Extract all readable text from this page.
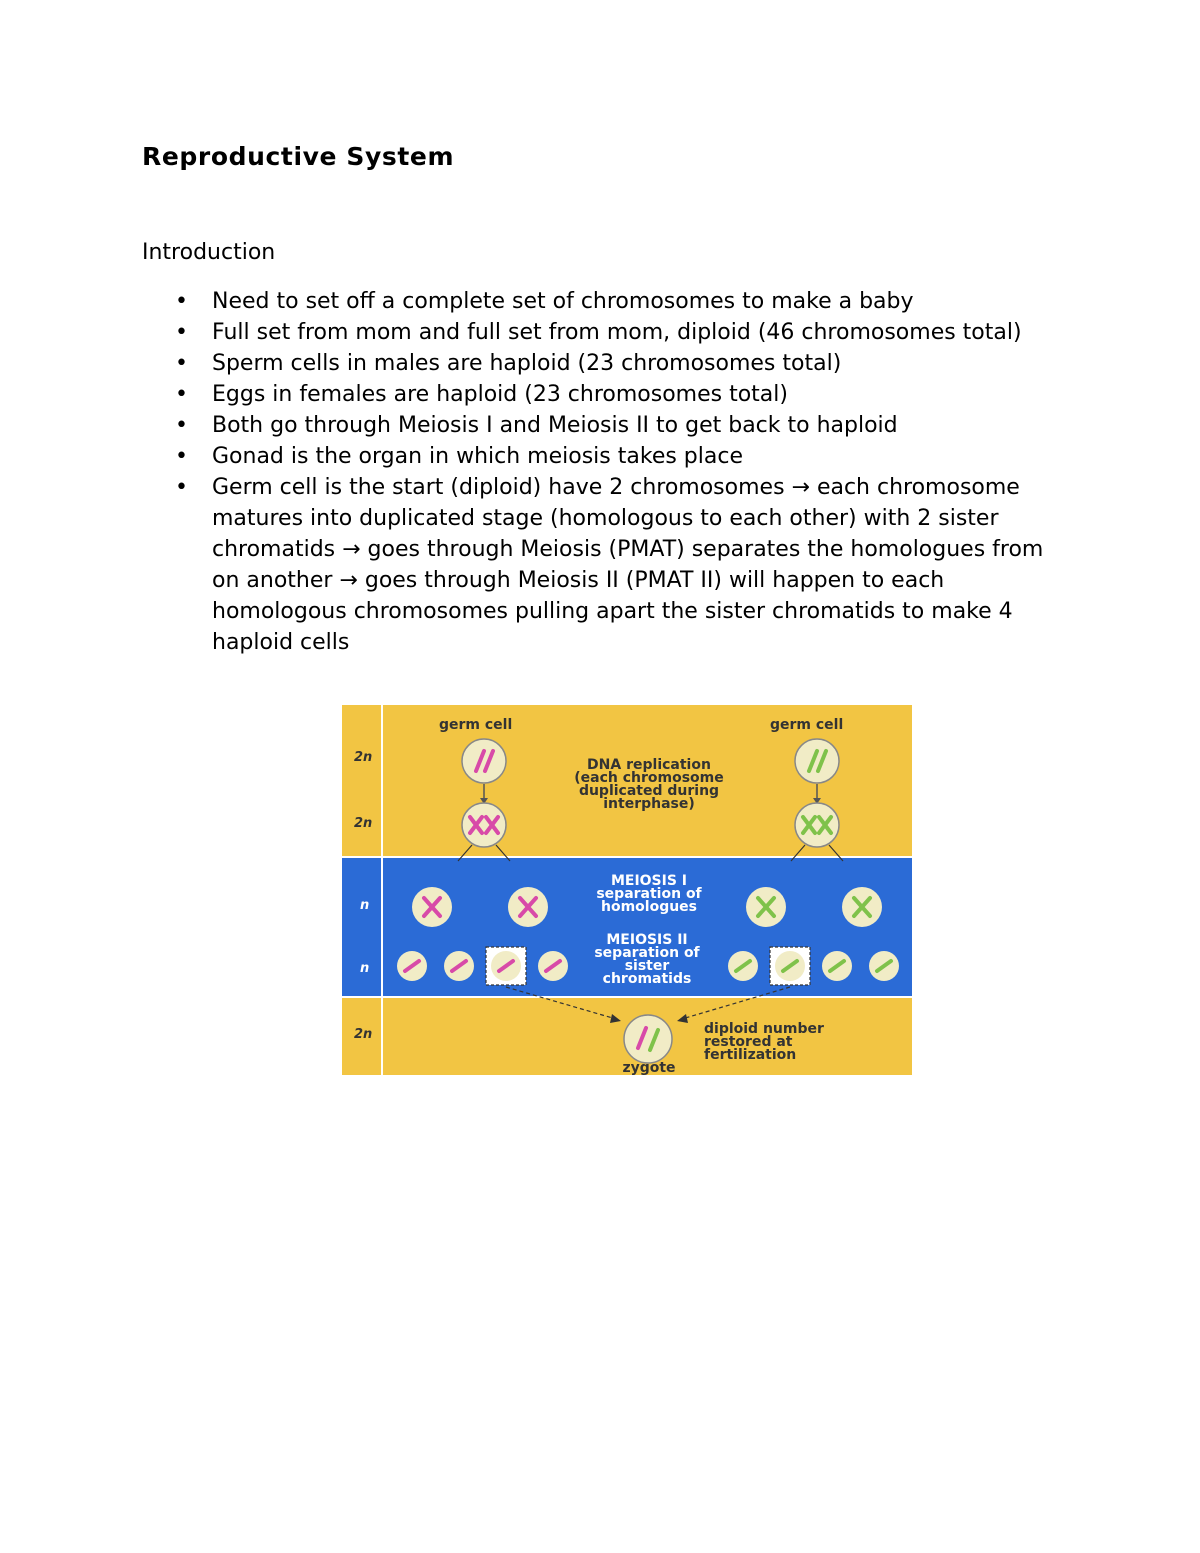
Reproductive System
Introduction
• Need to set off a complete set of chromosomes to make a baby
• Full set from mom and full set from mom, diploid (46 chromosomes total)
• Sperm cells in males are haploid (23 chromosomes total)
• Eggs in females are haploid (23 chromosomes total)
• Both go through Meiosis I and Meiosis II to get back to haploid
• Gonad is the organ in which meiosis takes place
• Germ cell is the start (diploid) have 2 chromosomes → each chromosome matures into duplicated stage (homologous to each other) with 2 sister chromatids → goes through Meiosis (PMAT) separates the homologues from on another → goes through Meiosis II (PMAT II) will happen to each homologous chromosomes pulling apart the sister chromatids to make 4 haploid cells
2n
2n
n
n
2n
germ cell	germ cell
DNA replication
(each chromosome
duplicated during
interphase)
MEIOSIS I
separation of
homologues
MEIOSIS II
separation of
sister
chromatids
zygote
diploid number
restored at
fertilization
